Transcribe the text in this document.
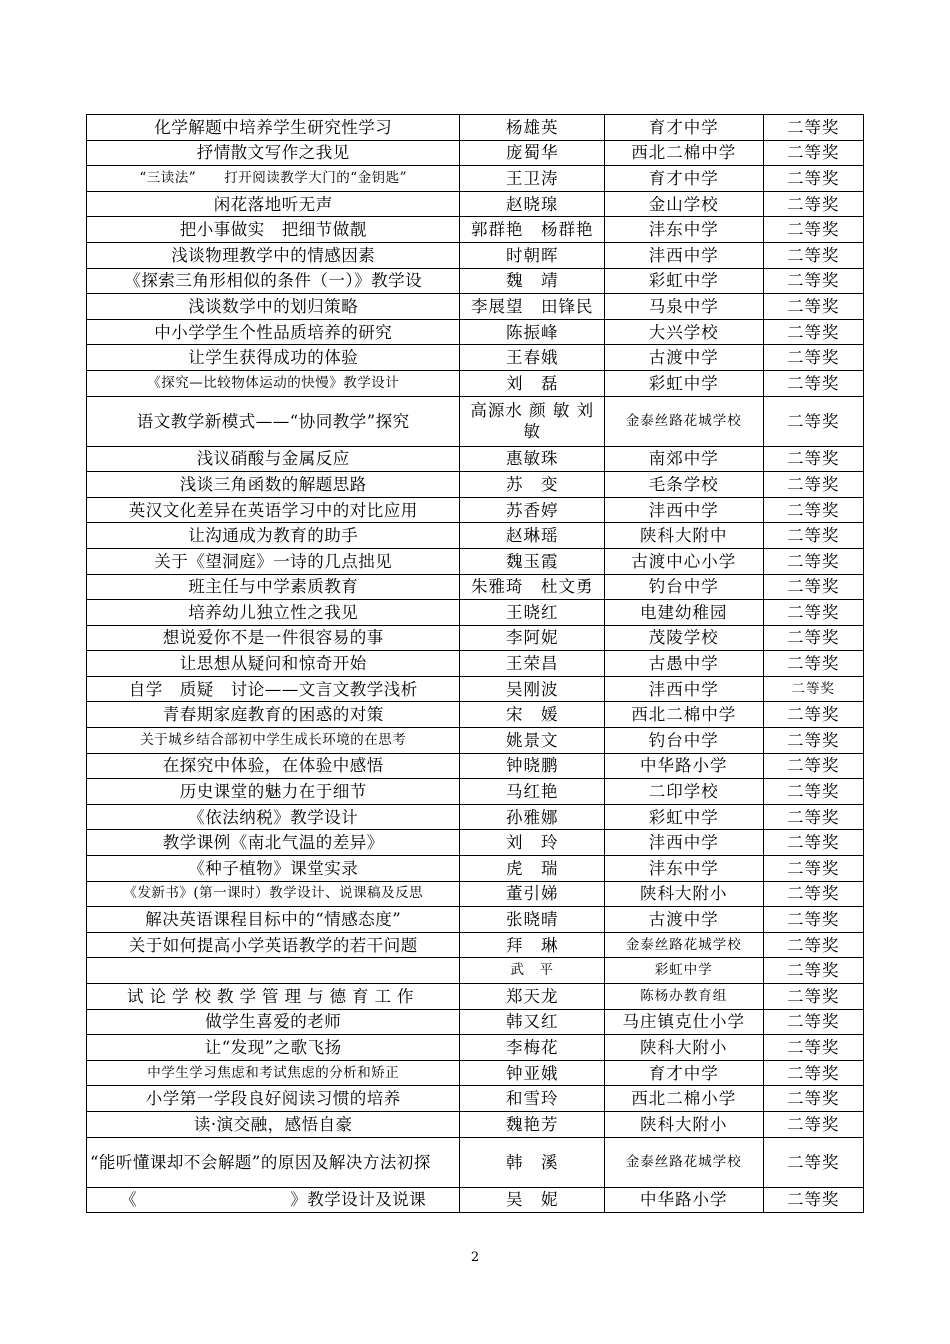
化学解题中培养学生研究性学习	杨雄英	育才中学	二等奖
抒情散文写作之我见	庞蜀华	西北二棉中学	二等奖
“三读法”　　打开阅读教学大门的“金钥匙”	王卫涛	育才中学	二等奖
闲花落地听无声	赵晓瑔	金山学校	二等奖
把小事做实　把细节做靓	郭群艳　杨群艳	沣东中学	二等奖
浅谈物理教学中的情感因素	时朝晖	沣西中学	二等奖
《探索三角形相似的条件（一）》教学设	魏　靖	彩虹中学	二等奖
浅谈数学中的划归策略	李展望　田锋民	马泉中学	二等奖
中小学学生个性品质培养的研究	陈振峰	大兴学校	二等奖
让学生获得成功的体验	王春娥	古渡中学	二等奖
《探究—比较物体运动的快慢》教学设计	刘　磊	彩虹中学	二等奖
语文教学新模式——“协同教学”探究	高源水 颜 敏 刘 敏	金泰丝路花城学校	二等奖
浅议硝酸与金属反应	惠敏珠	南郊中学	二等奖
浅谈三角函数的解题思路	苏　变	毛条学校	二等奖
英汉文化差异在英语学习中的对比应用	苏香婷	沣西中学	二等奖
让沟通成为教育的助手	赵琳瑶	陕科大附中	二等奖
关于《望洞庭》一诗的几点拙见	魏玉霞	古渡中心小学	二等奖
班主任与中学素质教育	朱雅琦　杜文勇	钓台中学	二等奖
培养幼儿独立性之我见	王晓红	电建幼稚园	二等奖
想说爱你不是一件很容易的事	李阿妮	茂陵学校	二等奖
让思想从疑问和惊奇开始	王荣昌	古愚中学	二等奖
自学　质疑　讨论——文言文教学浅析	吴刚波	沣西中学	二等奖
青春期家庭教育的困惑的对策	宋　媛	西北二棉中学	二等奖
关于城乡结合部初中学生成长环境的在思考	姚景文	钓台中学	二等奖
在探究中体验，在体验中感悟	钟晓鹏	中华路小学	二等奖
历史课堂的魅力在于细节	马红艳	二印学校	二等奖
《依法纳税》教学设计	孙雅娜	彩虹中学	二等奖
教学课例《南北气温的差异》	刘　玲	沣西中学	二等奖
《种子植物》课堂实录	虎　瑞	沣东中学	二等奖
《发新书》(第一课时）教学设计、说课稿及反思	董引娣	陕科大附小	二等奖
解决英语课程目标中的“情感态度”	张晓晴	古渡中学	二等奖
关于如何提高小学英语教学的若干问题	拜　琳	金泰丝路花城学校	二等奖
	武　平	彩虹中学	二等奖
试论学校教学管理与德育工作	郑天龙	陈杨办教育组	二等奖
做学生喜爱的老师	韩又红	马庄镇克仕小学	二等奖
让“发现”之歌飞扬	李梅花	陕科大附小	二等奖
中学生学习焦虑和考试焦虑的分析和矫正	钟亚娥	育才中学	二等奖
小学第一学段良好阅读习惯的培养	和雪玲	西北二棉小学	二等奖
读·演交融，感悟自豪	魏艳芳	陕科大附小	二等奖
“能听懂课却不会解题”的原因及解决方法初探	韩　溪	金泰丝路花城学校	二等奖
《　　　　　　　　　》教学设计及说课	吴　妮	中华路小学	二等奖
2
